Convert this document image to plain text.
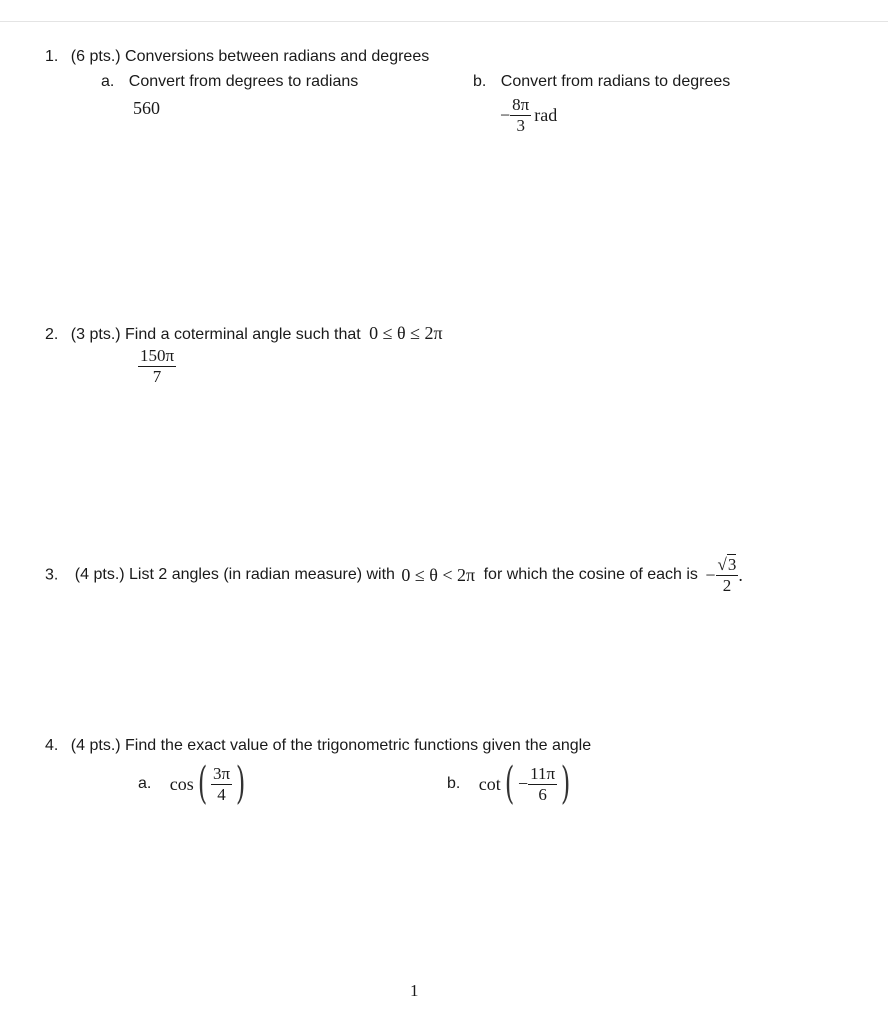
1. (6 pts.) Conversions between radians and degrees
a. Convert from degrees to radians
560
b. Convert from radians to degrees
− $\frac{8\pi}{3}$ rad
2. (3 pts.) Find a coterminal angle such that 0 ≤ θ ≤ 2π
$\frac{150\pi}{7}$
3. (4 pts.) List 2 angles (in radian measure) with 0 ≤ θ < 2π for which the cosine of each is − $\frac{√3}{2}$ .
4. (4 pts.) Find the exact value of the trigonometric functions given the angle
a. $\cos( \frac{3\pi}{4}$ )	b. $\cot( - \frac{11\pi}{6}$ )
1
